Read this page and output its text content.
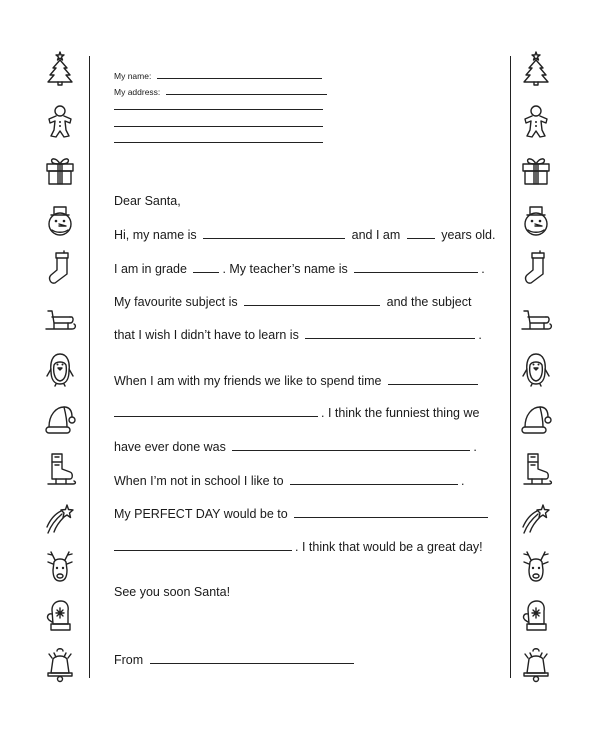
My name:
My address:
Dear Santa,
Hi, my name is	and I am	years old.
I am in grade	. My teacher’s name is	.
My favourite subject is	and the subject
that I wish I didn’t have to learn is	.
When I am with my friends we like to spend time
. I think the funniest thing we
have ever done was	.
When I’m not in school I like to	.
My PERFECT DAY would be to
. I think that would be a great day!
See you soon Santa!
From
